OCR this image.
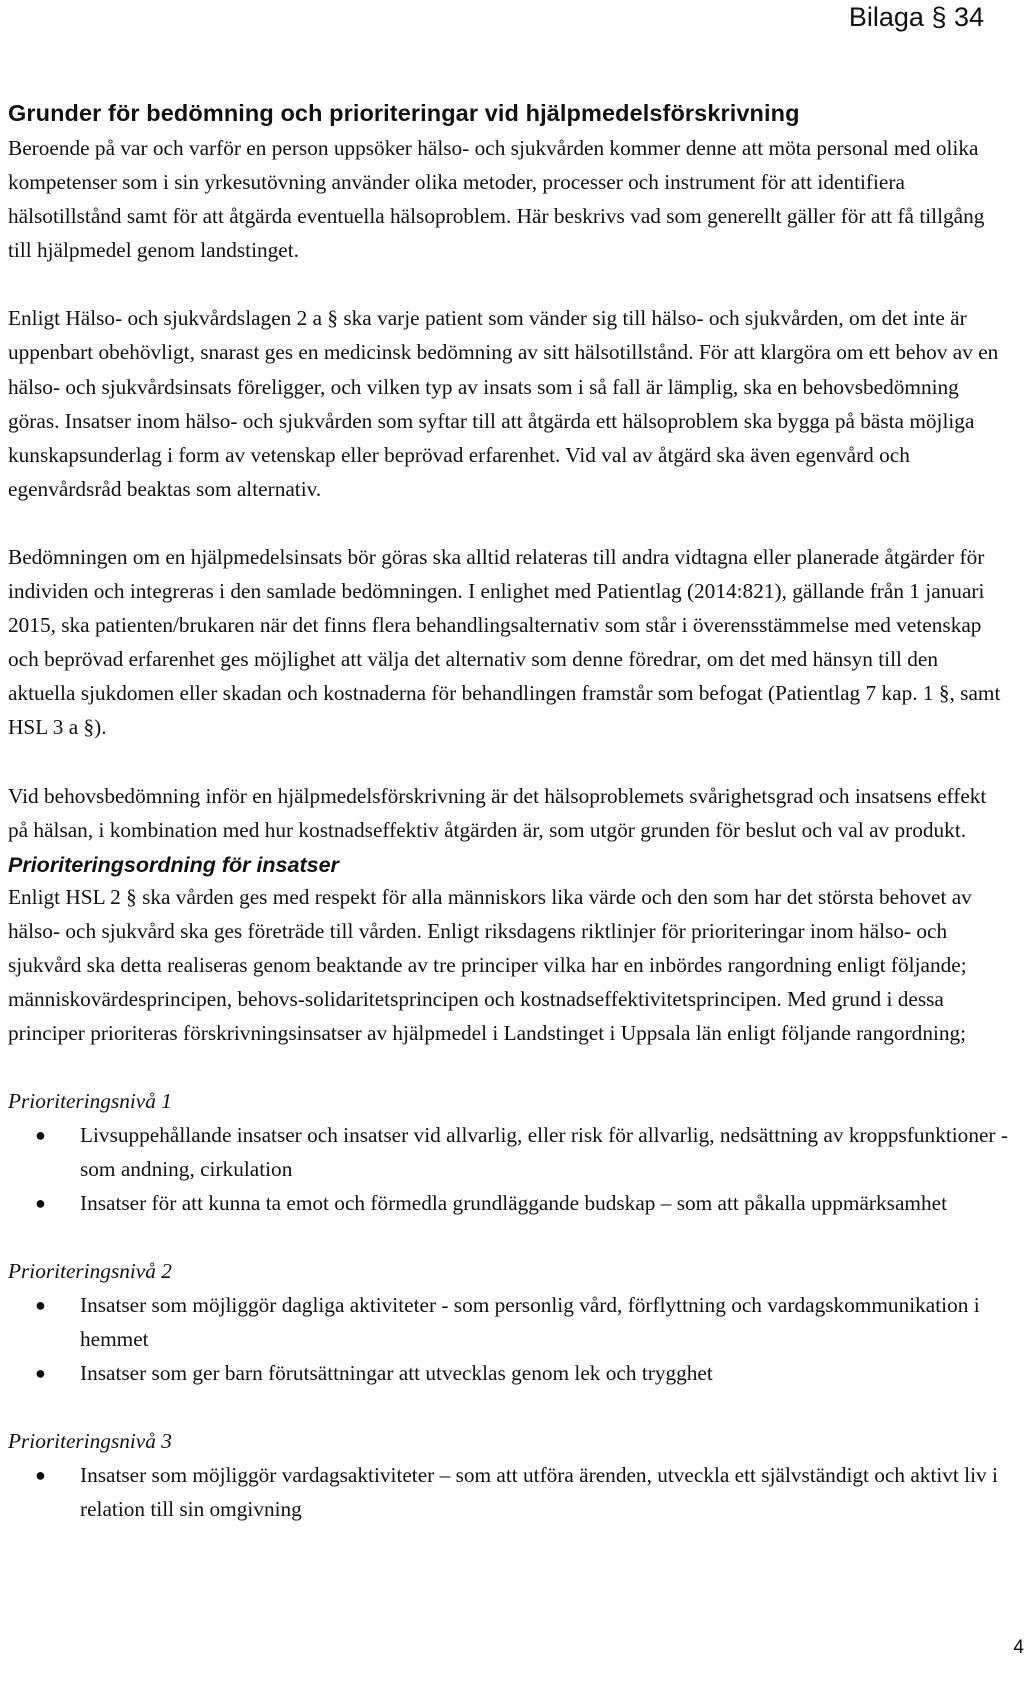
Bilaga § 34
Grunder för bedömning och prioriteringar vid hjälpmedelsförskrivning

Beroende på var och varför en person uppsöker hälso- och sjukvården kommer denne att möta personal med olika kompetenser som i sin yrkesutövning använder olika metoder, processer och instrument för att identifiera hälsotillstånd samt för att åtgärda eventuella hälsoproblem. Här beskrivs vad som generellt gäller för att få tillgång till hjälpmedel genom landstinget.

Enligt Hälso- och sjukvårdslagen 2 a § ska varje patient som vänder sig till hälso- och sjukvården, om det inte är uppenbart obehövligt, snarast ges en medicinsk bedömning av sitt hälsotillstånd. För att klargöra om ett behov av en hälso- och sjukvårdsinsats föreligger, och vilken typ av insats som i så fall är lämplig, ska en behovsbedömning göras. Insatser inom hälso- och sjukvården som syftar till att åtgärda ett hälsoproblem ska bygga på bästa möjliga kunskapsunderlag i form av vetenskap eller beprövad erfarenhet. Vid val av åtgärd ska även egenvård och egenvårdsråd beaktas som alternativ.

Bedömningen om en hjälpmedelsinsats bör göras ska alltid relateras till andra vidtagna eller planerade åtgärder för individen och integreras i den samlade bedömningen. I enlighet med Patientlag (2014:821), gällande från 1 januari 2015, ska patienten/brukaren när det finns flera behandlingsalternativ som står i överensstämmelse med vetenskap och beprövad erfarenhet ges möjlighet att välja det alternativ som denne föredrar, om det med hänsyn till den aktuella sjukdomen eller skadan och kostnaderna för behandlingen framstår som befogat (Patientlag 7 kap. 1 §, samt HSL 3 a §).

Vid behovsbedömning inför en hjälpmedelsförskrivning är det hälsoproblemets svårighetsgrad och insatsens effekt på hälsan, i kombination med hur kostnadseffektiv åtgärden är, som utgör grunden för beslut och val av produkt.

Prioriteringsordning för insatser

Enligt HSL 2 § ska vården ges med respekt för alla människors lika värde och den som har det största behovet av hälso- och sjukvård ska ges företräde till vården. Enligt riksdagens riktlinjer för prioriteringar inom hälso- och sjukvård ska detta realiseras genom beaktande av tre principer vilka har en inbördes rangordning enligt följande; människovärdesprincipen, behovs-solidaritetsprincipen och kostnadseffektivitetsprincipen. Med grund i dessa principer prioriteras förskrivningsinsatser av hjälpmedel i Landstinget i Uppsala län enligt följande rangordning;

Prioriteringsnivå 1
● Livsuppehållande insatser och insatser vid allvarlig, eller risk för allvarlig, nedsättning av kroppsfunktioner - som andning, cirkulation
● Insatser för att kunna ta emot och förmedla grundläggande budskap – som att påkalla uppmärksamhet
Prioriteringsnivå 2
● Insatser som möjliggör dagliga aktiviteter - som personlig vård, förflyttning och vardagskommunikation i hemmet
● Insatser som ger barn förutsättningar att utvecklas genom lek och trygghet
Prioriteringsnivå 3
● Insatser som möjliggör vardagsaktiviteter – som att utföra ärenden, utveckla ett självständigt och aktivt liv i relation till sin omgivning
4
